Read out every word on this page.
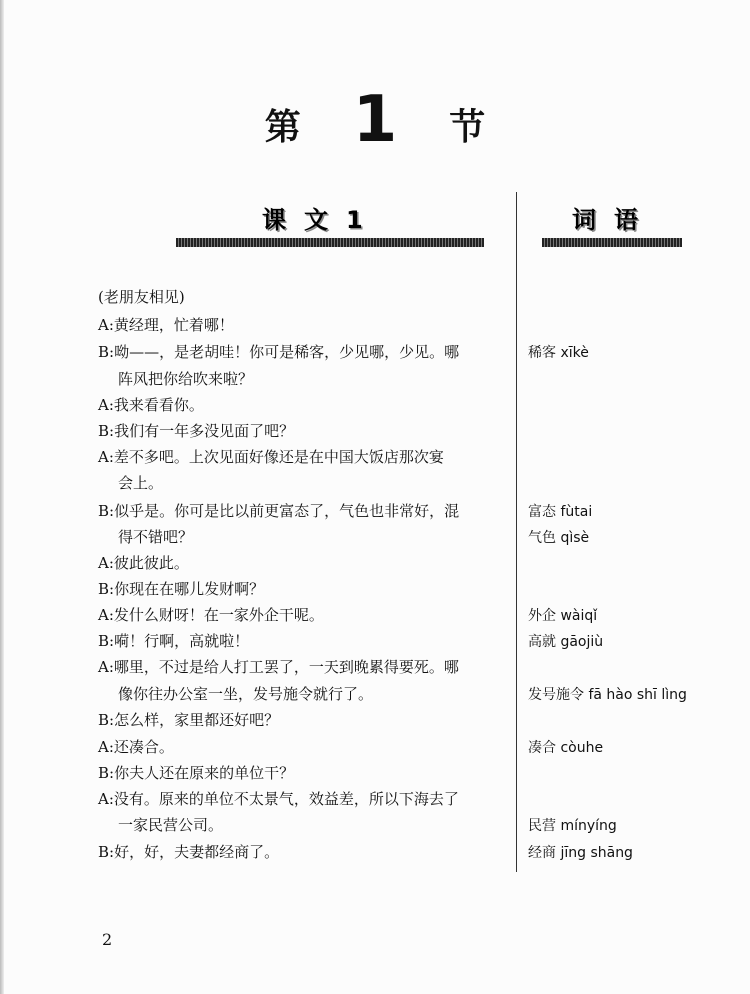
第 1 节
课文1	词语
(老朋友相见)
A:黄经理，忙着哪！
B:呦——，是老胡哇！你可是稀客，少见哪，少见。哪
阵风把你给吹来啦？
A:我来看看你。
B:我们有一年多没见面了吧？
A:差不多吧。上次见面好像还是在中国大饭店那次宴
会上。
B:似乎是。你可是比以前更富态了，气色也非常好，混
得不错吧？
A:彼此彼此。
B:你现在在哪儿发财啊？
A:发什么财呀！在一家外企干呢。
B:嗬！行啊，高就啦！
A:哪里，不过是给人打工罢了，一天到晚累得要死。哪
像你往办公室一坐，发号施令就行了。
B:怎么样，家里都还好吧？
A:还凑合。
B:你夫人还在原来的单位干？
A:没有。原来的单位不太景气，效益差，所以下海去了
一家民营公司。
B:好，好，夫妻都经商了。
稀客 xīkè
富态 fùtai
气色 qìsè
外企 wàiqǐ
高就 gāojiù
发号施令 fā hào shī lìng
凑合 còuhe
民营 mínyíng
经商 jīng shāng
2
